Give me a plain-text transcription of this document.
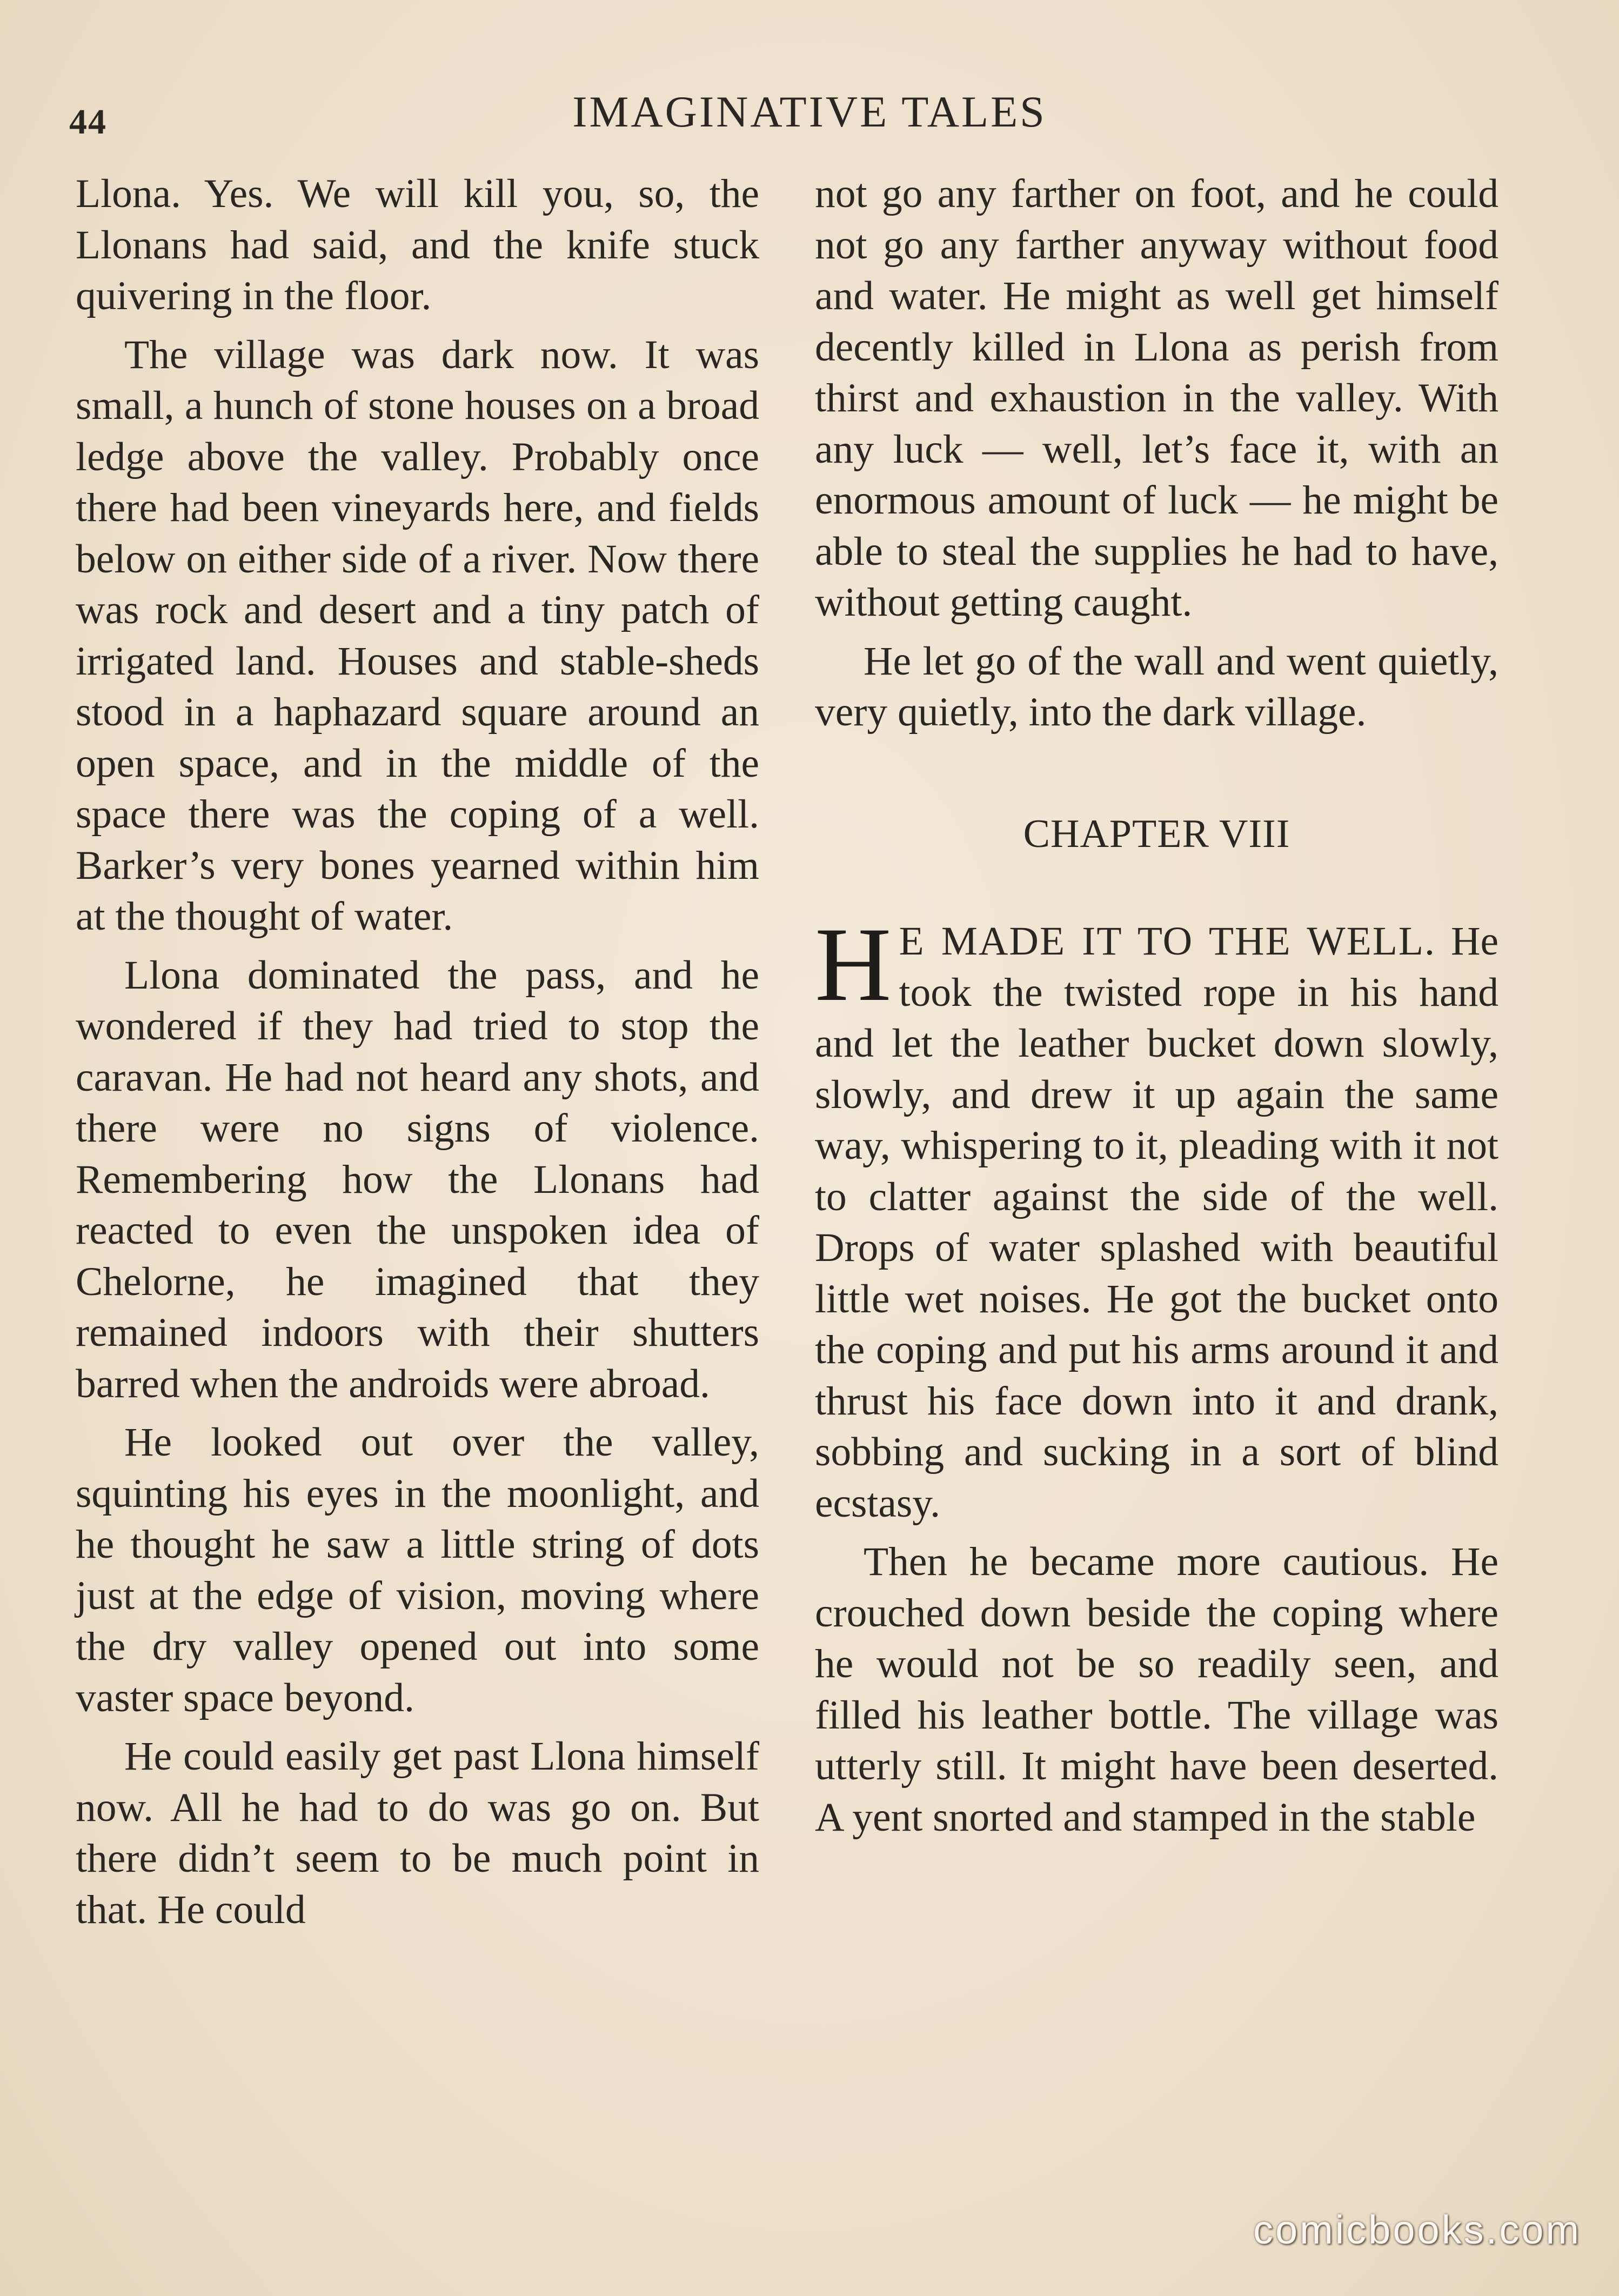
44	IMAGINATIVE TALES

Llona. Yes. We will kill you, so, the Llonans had said, and the knife stuck quivering in the floor.

The village was dark now. It was small, a hunch of stone houses on a broad ledge above the valley. Probably once there had been vineyards here, and fields below on either side of a river. Now there was rock and desert and a tiny patch of irrigated land. Houses and stable-sheds stood in a haphazard square around an open space, and in the middle of the space there was the coping of a well. Barker’s very bones yearned within him at the thought of water.

Llona dominated the pass, and he wondered if they had tried to stop the caravan. He had not heard any shots, and there were no signs of violence. Remembering how the Llonans had reacted to even the unspoken idea of Chelorne, he imagined that they remained indoors with their shutters barred when the androids were abroad.

He looked out over the valley, squinting his eyes in the moonlight, and he thought he saw a little string of dots just at the edge of vision, moving where the dry valley opened out into some vaster space beyond.

He could easily get past Llona himself now. All he had to do was go on. But there didn’t seem to be much point in that. He could

not go any farther on foot, and he could not go any farther anyway without food and water. He might as well get himself decently killed in Llona as perish from thirst and exhaustion in the valley. With any luck — well, let’s face it, with an enormous amount of luck — he might be able to steal the supplies he had to have, without getting caught.

He let go of the wall and went quietly, very quietly, into the dark village.

CHAPTER VIII

H E MADE IT TO THE WELL. He took the twisted rope in his hand and let the leather bucket down slowly, slowly, and drew it up again the same way, whispering to it, pleading with it not to clatter against the side of the well. Drops of water splashed with beautiful little wet noises. He got the bucket onto the coping and put his arms around it and thrust his face down into it and drank, sobbing and sucking in a sort of blind ecstasy.

Then he became more cautious. He crouched down beside the coping where he would not be so readily seen, and filled his leather bottle. The village was utterly still. It might have been deserted. A yent snorted and stamped in the stable

comicbooks.com
